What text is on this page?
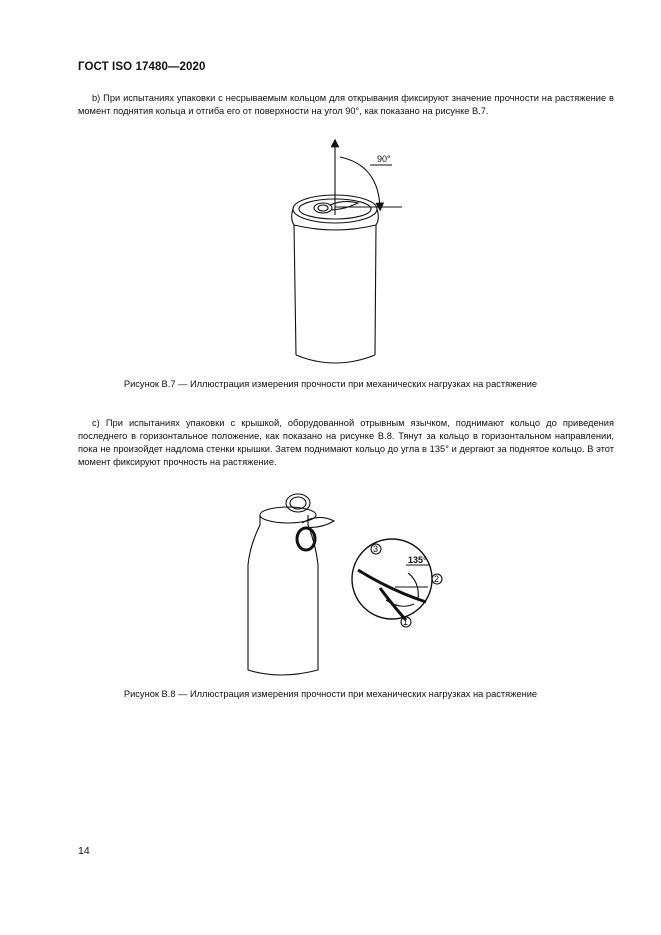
ГОСТ ISO 17480—2020

b) При испытаниях упаковки с несрываемым кольцом для открывания фиксируют значение прочности на растяжение в момент поднятия кольца и отгиба его от поверхности на угол 90°, как показано на рисунке В.7.

90°
Рисунок В.7 — Иллюстрация измерения прочности при механических нагрузках на растяжение

с) При испытаниях упаковки с крышкой, оборудованной отрывным язычком, поднимают кольцо до приведения последнего в горизонтальное положение, как показано на рисунке В.8. Тянут за кольцо в горизонтальном направлении, пока не произойдет надлома стенки крышки. Затем поднимают кольцо до угла в 135° и дергают за поднятое кольцо. В этот момент фиксируют прочность на растяжение.

135°
3
2
1
Рисунок В.8 — Иллюстрация измерения прочности при механических нагрузках на растяжение
14
